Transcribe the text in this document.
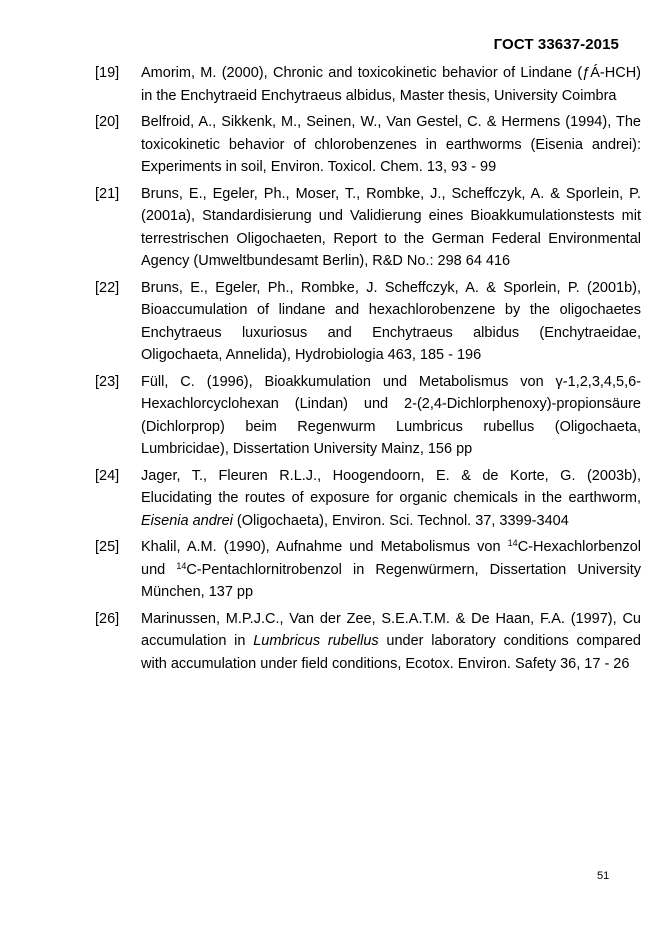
ГОСТ 33637-2015
[19]	Amorim, M. (2000), Chronic and toxicokinetic behavior of Lindane (ƒÁ-HCH) in the Enchytraeid Enchytraeus albidus, Master thesis, University Coimbra
[20]	Belfroid, A., Sikkenk, M., Seinen, W., Van Gestel, C. & Hermens (1994), The toxicokinetic behavior of chlorobenzenes in earthworms (Eisenia andrei): Experiments in soil, Environ. Toxicol. Chem. 13, 93 - 99
[21]	Bruns, E., Egeler, Ph., Moser, T., Rombke, J., Scheffczyk, A. & Sporlein, P. (2001a), Standardisierung und Validierung eines Bioakkumulationstests mit terrestrischen Oligochaeten, Report to the German Federal Environmental Agency (Umweltbundesamt Berlin), R&D No.: 298 64 416
[22]	Bruns, E., Egeler, Ph., Rombke, J. Scheffczyk, A. & Sporlein, P. (2001b), Bioaccumulation of lindane and hexachlorobenzene by the oligochaetes Enchytraeus luxuriosus and Enchytraeus albidus (Enchytraeidae, Oligochaeta, Annelida), Hydrobiologia 463, 185 - 196
[23]	Füll, C. (1996), Bioakkumulation und Metabolismus von γ-1,2,3,4,5,6-Hexachlorcyclohexan (Lindan) und 2-(2,4-Dichlorphenoxy)-propionsäure (Dichlorprop) beim Regenwurm Lumbricus rubellus (Oligochaeta, Lumbricidae), Dissertation University Mainz, 156 pp
[24]	Jager, T., Fleuren R.L.J., Hoogendoorn, E. & de Korte, G. (2003b), Elucidating the routes of exposure for organic chemicals in the earthworm, Eisenia andrei (Oligochaeta), Environ. Sci. Technol. 37, 3399-3404
[25]	Khalil, A.M. (1990), Aufnahme und Metabolismus von $^{14}$C-Hexachlorbenzol und $^{14}$C-Pentachlornitrobenzol in Regenwürmern, Dissertation University München, 137 pp
[26]	Marinussen, M.P.J.C., Van der Zee, S.E.A.T.M. & De Haan, F.A. (1997), Cu accumulation in Lumbricus rubellus under laboratory conditions compared with accumulation under field conditions, Ecotox. Environ. Safety 36, 17 - 26
51
